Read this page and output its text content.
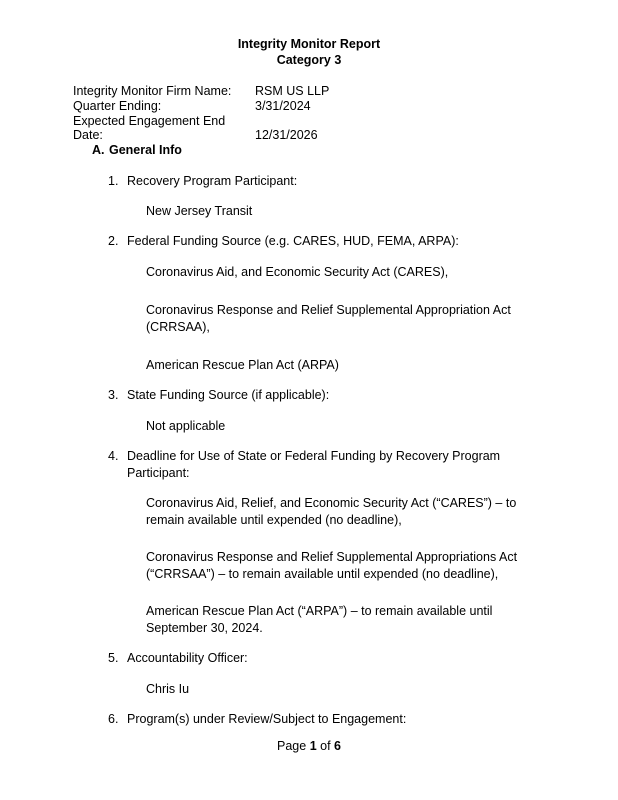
Integrity Monitor Report
Category 3
Integrity Monitor Firm Name: RSM US LLP
Quarter Ending:	3/31/2024
Expected Engagement End Date:	12/31/2026
A. General Info
1. Recovery Program Participant:
New Jersey Transit
2. Federal Funding Source (e.g. CARES, HUD, FEMA, ARPA):
Coronavirus Aid, and Economic Security Act (CARES),
Coronavirus Response and Relief Supplemental Appropriation Act (CRRSAA),
American Rescue Plan Act (ARPA)
3. State Funding Source (if applicable):
Not applicable
4. Deadline for Use of State or Federal Funding by Recovery Program Participant:
Coronavirus Aid, Relief, and Economic Security Act (“CARES”) – to remain available until expended (no deadline),
Coronavirus Response and Relief Supplemental Appropriations Act (“CRRSAA”) – to remain available until expended (no deadline),
American Rescue Plan Act (“ARPA”) – to remain available until September 30, 2024.
5. Accountability Officer:
Chris Iu
6. Program(s) under Review/Subject to Engagement:
Page 1 of 6
